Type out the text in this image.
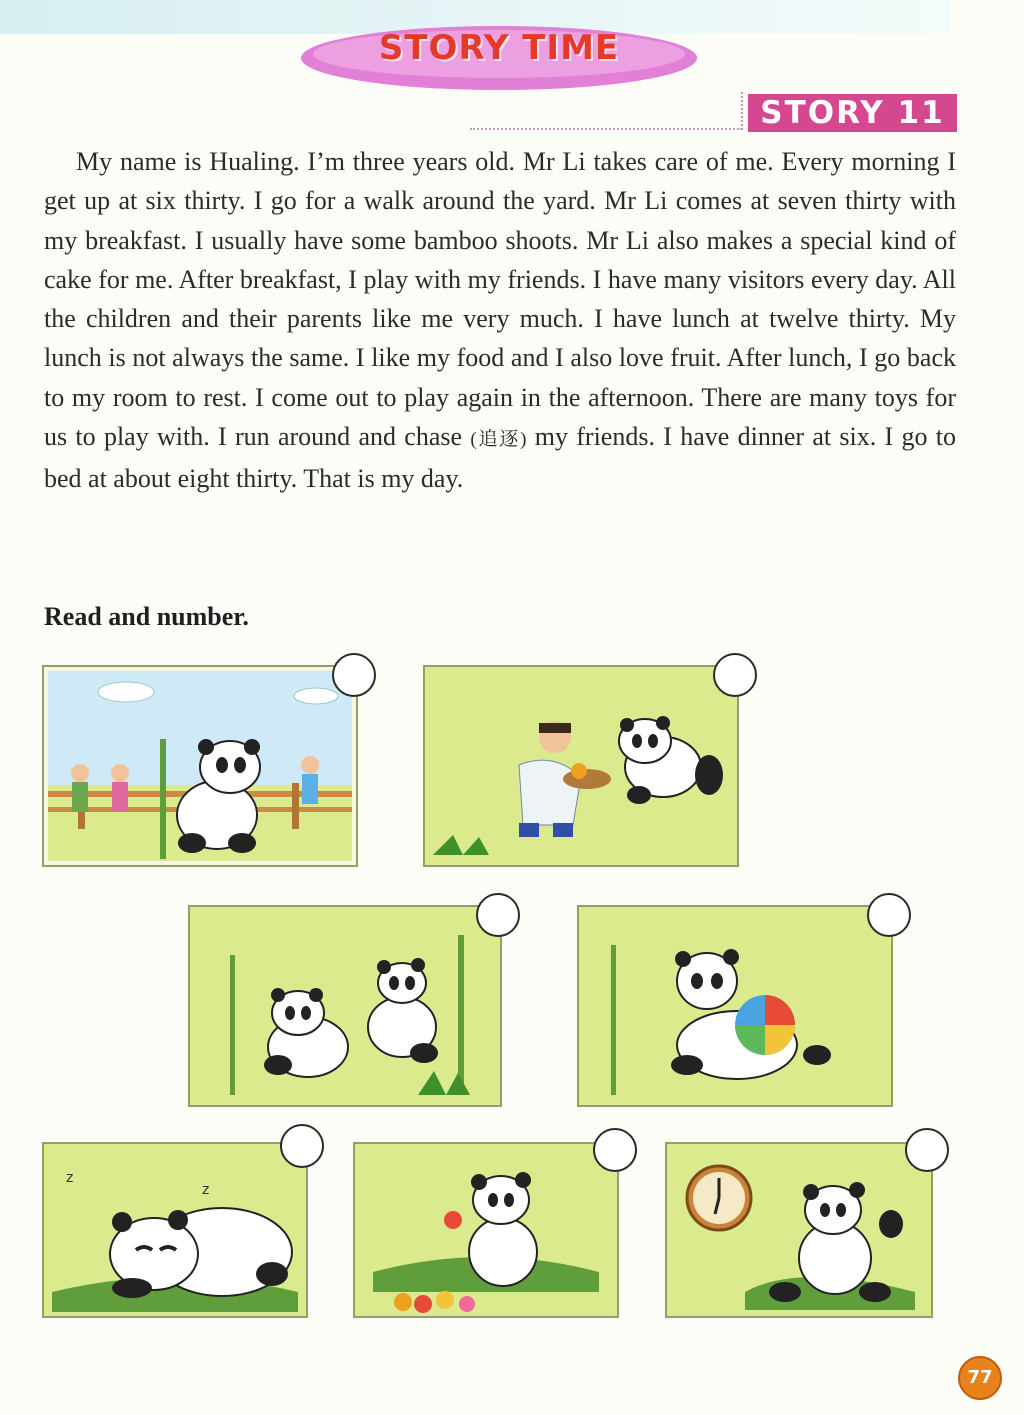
STORY TIME
STORY 11

My name is Hualing. I’m three years old. Mr Li takes care of me. Every morning I get up at six thirty. I go for a walk around the yard. Mr Li comes at seven thirty with my breakfast. I usually have some bamboo shoots. Mr Li also makes a special kind of cake for me. After breakfast, I play with my friends. I have many visitors every day. All the children and their parents like me very much. I have lunch at twelve thirty. My lunch is not always the same. I like my food and I also love fruit. After lunch, I go back to my room to rest. I come out to play again in the afternoon. There are many toys for us to play with. I run around and chase (追逐) my friends. I have dinner at six. I go to bed at about eight thirty. That is my day.

Read and number.

z
z
77
